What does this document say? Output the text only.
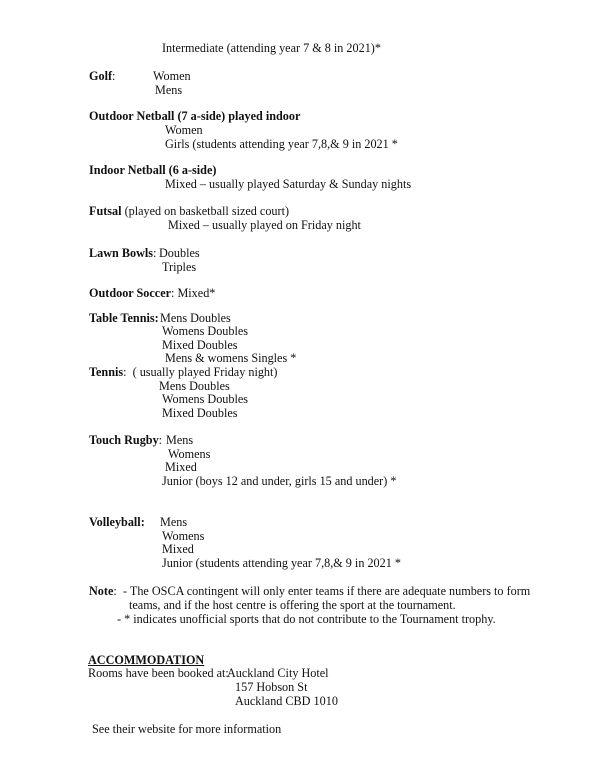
Intermediate (attending year 7 & 8 in 2021)*
Golf:	Women
Mens
Outdoor Netball (7 a-side) played indoor
Women
Girls (students attending year 7,8,& 9 in 2021 *
Indoor Netball (6 a-side)
Mixed – usually played Saturday & Sunday nights
Futsal (played on basketball sized court)
Mixed – usually played on Friday night
Lawn Bowls: Doubles
Triples
Outdoor Soccer: Mixed*
Table Tennis: Mens Doubles
Womens Doubles
Mixed Doubles
Mens & womens Singles *
Tennis:  ( usually played Friday night)
Mens Doubles
Womens Doubles
Mixed Doubles
Touch Rugby: Mens
Womens
Mixed
Junior (boys 12 and under, girls 15 and under) *
Volleyball: Mens
Womens
Mixed
Junior (students attending year 7,8,& 9 in 2021 *
Note: - The OSCA contingent will only enter teams if there are adequate numbers to form
teams, and if the host centre is offering the sport at the tournament.
- * indicates unofficial sports that do not contribute to the Tournament trophy.
ACCOMMODATION
Rooms have been booked at:
Auckland City Hotel
157 Hobson St
Auckland CBD 1010
See their website for more information
